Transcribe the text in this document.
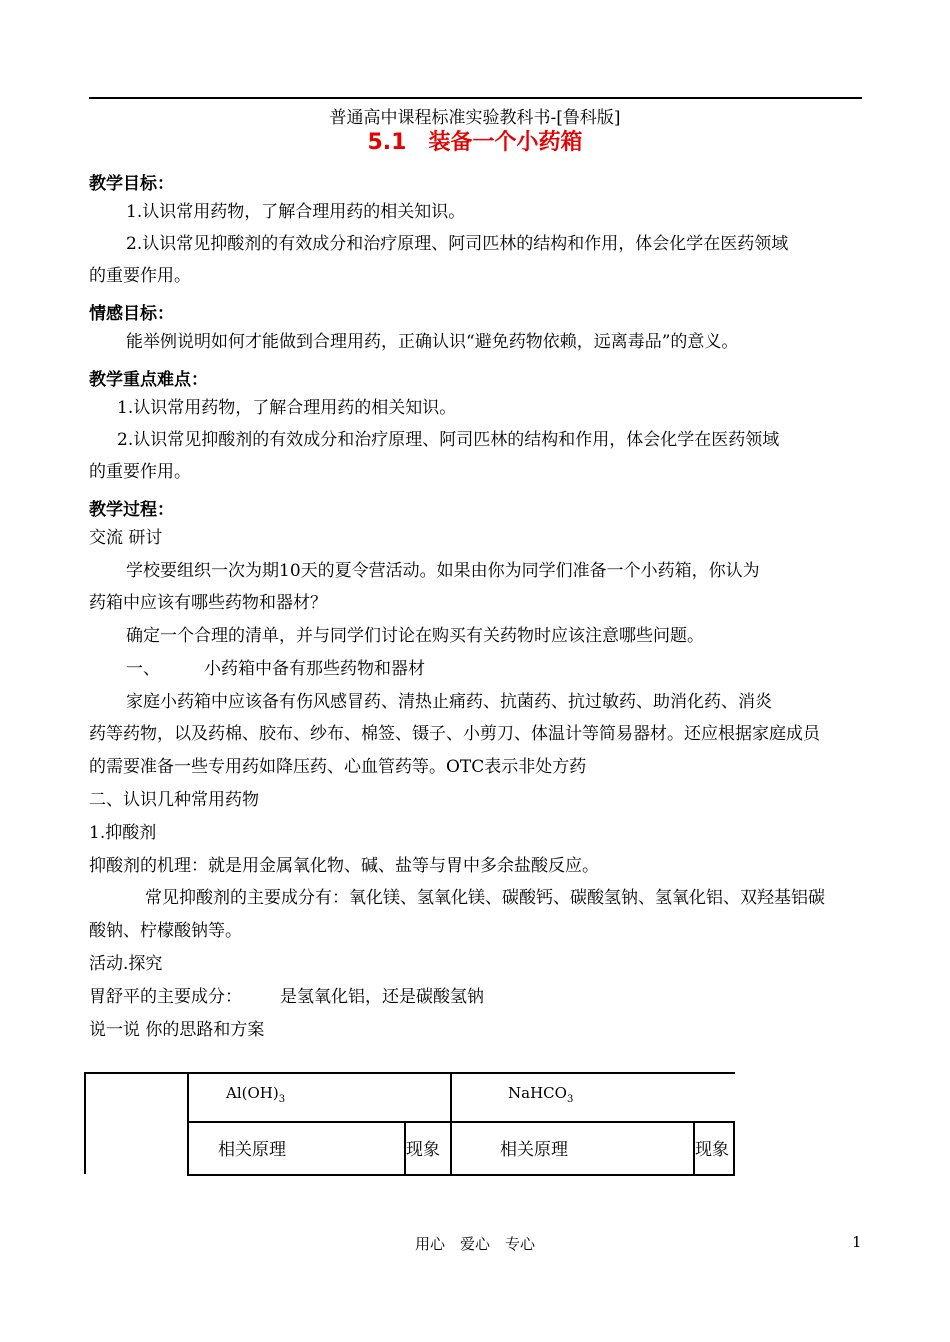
普通高中课程标准实验教科书-[鲁科版]
5.1　装备一个小药箱
教学目标：
1.认识常用药物，了解合理用药的相关知识。
2.认识常见抑酸剂的有效成分和治疗原理、阿司匹林的结构和作用，体会化学在医药领域
的重要作用。
情感目标：
能举例说明如何才能做到合理用药，正确认识“避免药物依赖，远离毒品”的意义。
教学重点难点：
1.认识常用药物，了解合理用药的相关知识。
2.认识常见抑酸剂的有效成分和治疗原理、阿司匹林的结构和作用，体会化学在医药领域
的重要作用。
教学过程：
交流 研讨
学校要组织一次为期10天的夏令营活动。如果由你为同学们准备一个小药箱，你认为
药箱中应该有哪些药物和器材？
确定一个合理的清单，并与同学们讨论在购买有关药物时应该注意哪些问题。
一、	小药箱中备有那些药物和器材
家庭小药箱中应该备有伤风感冒药、清热止痛药、抗菌药、抗过敏药、助消化药、消炎
药等药物，以及药棉、胶布、纱布、棉签、镊子、小剪刀、体温计等简易器材。还应根据家庭成员
的需要准备一些专用药如降压药、心血管药等。OTC表示非处方药
二、认识几种常用药物
1.抑酸剂
抑酸剂的机理：就是用金属氧化物、碱、盐等与胃中多余盐酸反应。
常见抑酸剂的主要成分有：氧化镁、氢氧化镁、碳酸钙、碳酸氢钠、氢氧化铝、双羟基铝碳
酸钠、柠檬酸钠等。
活动.探究
胃舒平的主要成分： 是氢氧化铝，还是碳酸氢钠
说一说 你的思路和方案
$Al(OH)_3$	NaHCO$_3$
相关原理	现象	相关原理	现象
用心　爱心　专心	1
